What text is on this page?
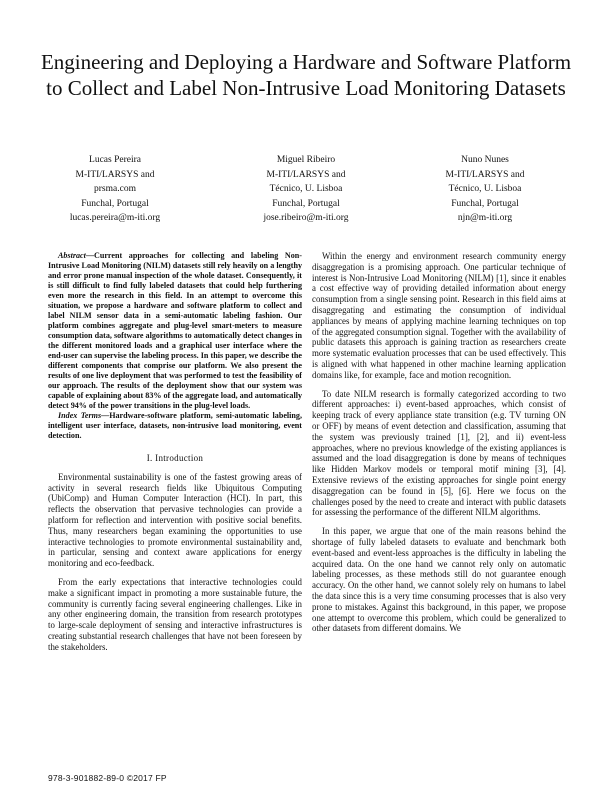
Engineering and Deploying a Hardware and Software Platform to Collect and Label Non-Intrusive Load Monitoring Datasets
Lucas Pereira
M-ITI/LARSYS and
prsma.com
Funchal, Portugal
lucas.pereira@m-iti.org
Miguel Ribeiro
M-ITI/LARSYS and
Técnico, U. Lisboa
Funchal, Portugal
jose.ribeiro@m-iti.org
Nuno Nunes
M-ITI/LARSYS and
Técnico, U. Lisboa
Funchal, Portugal
njn@m-iti.org

Abstract—Current approaches for collecting and labeling Non-Intrusive Load Monitoring (NILM) datasets still rely heavily on a lengthy and error prone manual inspection of the whole dataset. Consequently, it is still difficult to find fully labeled datasets that could help furthering even more the research in this field. In an attempt to overcome this situation, we propose a hardware and software platform to collect and label NILM sensor data in a semi-automatic labeling fashion. Our platform combines aggregate and plug-level smart-meters to measure consumption data, software algorithms to automatically detect changes in the different monitored loads and a graphical user interface where the end-user can supervise the labeling process. In this paper, we describe the different components that comprise our platform. We also present the results of one live deployment that was performed to test the feasibility of our approach. The results of the deployment show that our system was capable of explaining about 83% of the aggregate load, and automatically detect 94% of the power transitions in the plug-level loads.

Index Terms—Hardware-software platform, semi-automatic labeling, intelligent user interface, datasets, non-intrusive load monitoring, event detection.

I. Introduction

Environmental sustainability is one of the fastest growing areas of activity in several research fields like Ubiquitous Computing (UbiComp) and Human Computer Interaction (HCI). In part, this reflects the observation that pervasive technologies can provide a platform for reflection and intervention with positive social benefits. Thus, many researchers began examining the opportunities to use interactive technologies to promote environmental sustainability and, in particular, sensing and context aware applications for energy monitoring and eco-feedback.

From the early expectations that interactive technologies could make a significant impact in promoting a more sustainable future, the community is currently facing several engineering challenges. Like in any other engineering domain, the transition from research prototypes to large-scale deployment of sensing and interactive infrastructures is creating substantial research challenges that have not been foreseen by the stakeholders.

Within the energy and environment research community energy disaggregation is a promising approach. One particular technique of interest is Non-Intrusive Load Monitoring (NILM) [1], since it enables a cost effective way of providing detailed information about energy consumption from a single sensing point. Research in this field aims at disaggregating and estimating the consumption of individual appliances by means of applying machine learning techniques on top of the aggregated consumption signal. Together with the availability of public datasets this approach is gaining traction as researchers create more systematic evaluation processes that can be used effectively. This is aligned with what happened in other machine learning application domains like, for example, face and motion recognition.

To date NILM research is formally categorized according to two different approaches: i) event-based approaches, which consist of keeping track of every appliance state transition (e.g. TV turning ON or OFF) by means of event detection and classification, assuming that the system was previously trained [1], [2], and ii) event-less approaches, where no previous knowledge of the existing appliances is assumed and the load disaggregation is done by means of techniques like Hidden Markov models or temporal motif mining [3], [4]. Extensive reviews of the existing approaches for single point energy disaggregation can be found in [5], [6]. Here we focus on the challenges posed by the need to create and interact with public datasets for assessing the performance of the different NILM algorithms.

In this paper, we argue that one of the main reasons behind the shortage of fully labeled datasets to evaluate and benchmark both event-based and event-less approaches is the difficulty in labeling the acquired data. On the one hand we cannot rely only on automatic labeling processes, as these methods still do not guarantee enough accuracy. On the other hand, we cannot solely rely on humans to label the data since this is a very time consuming processes that is also very prone to mistakes. Against this background, in this paper, we propose one attempt to overcome this problem, which could be generalized to other datasets from different domains. We

978-3-901882-89-0 ©2017 FP
